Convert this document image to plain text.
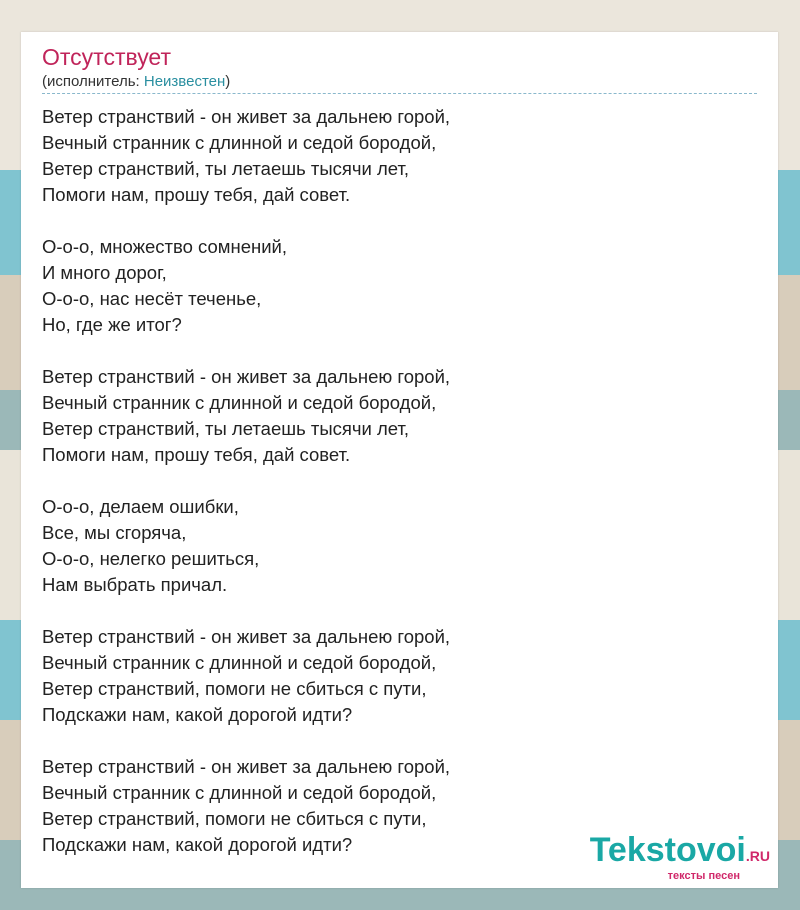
Отсутствует
(исполнитель: Неизвестен)
Ветер странствий - он живет за дальнею горой,
Вечный странник с длинной и седой бородой,
Ветер странствий, ты летаешь тысячи лет,
Помоги нам, прошу тебя, дай совет.
О-о-о, множество сомнений,
И много дорог,
О-о-о, нас несёт теченье,
Но, где же итог?
Ветер странствий - он живет за дальнею горой,
Вечный странник с длинной и седой бородой,
Ветер странствий, ты летаешь тысячи лет,
Помоги нам, прошу тебя, дай совет.
О-о-о, делаем ошибки,
Все, мы сгоряча,
О-о-о, нелегко решиться,
Нам выбрать причал.
Ветер странствий - он живет за дальнею горой,
Вечный странник с длинной и седой бородой,
Ветер странствий, помоги не сбиться с пути,
Подскажи нам, какой дорогой идти?
Ветер странствий - он живет за дальнею горой,
Вечный странник с длинной и седой бородой,
Ветер странствий, помоги не сбиться с пути,
Подскажи нам, какой дорогой идти?	Tekstovoi.RU
тексты песен
